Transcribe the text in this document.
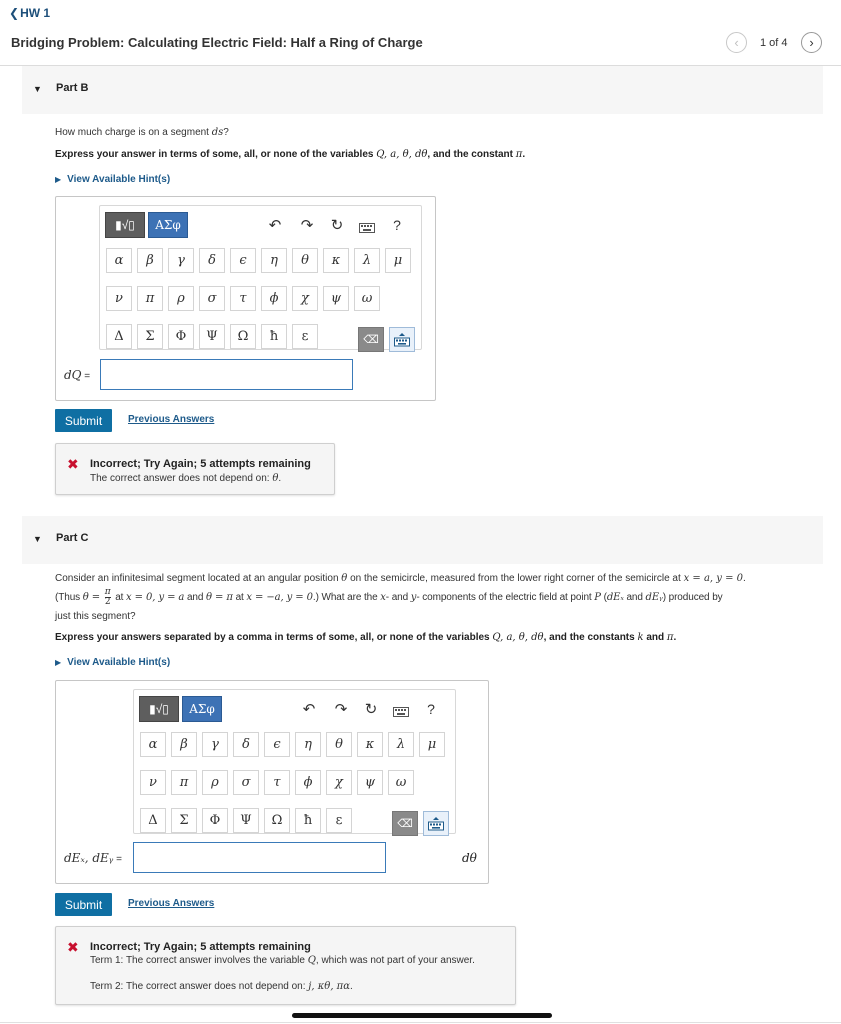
❮HW 1
Bridging Problem: Calculating Electric Field: Half a Ring of Charge	‹ 1 of 4 ›
▼ Part B
How much charge is on a segment ds?
Express your answer in terms of some, all, or none of the variables Q, a, θ, dθ, and the constant π.
▶ View Available Hint(s)
▮√▯	ΑΣφ	↶ ↷ ↻	?
α	β	γ	δ	ϵ	η	θ	κ	λ	μ
ν	π	ρ	σ	τ	ϕ	χ	ψ	ω
Δ	Σ	Φ	Ψ	Ω	ħ	ε	⌫
dQ =
Submit	Previous Answers
✖ Incorrect; Try Again; 5 attempts remaining
The correct answer does not depend on: θ.
▼ Part C
Consider an infinitesimal segment located at an angular position θ on the semicircle, measured from the lower right corner of the semicircle at x = a, y = 0.
(Thus $\theta = \frac{\pi}{2}$ at x = 0, y = a and θ = π at x = −a, y = 0.) What are the x- and y- components of the electric field at point P (dEₓ and dEᵧ) produced by
just this segment?
Express your answers separated by a comma in terms of some, all, or none of the variables Q, a, θ, dθ, and the constants k and π.
▶ View Available Hint(s)
▮√▯	ΑΣφ	↶ ↷ ↻	?
α	β	γ	δ	ϵ	η	θ	κ	λ	μ
ν	π	ρ	σ	τ	ϕ	χ	ψ	ω
Δ	Σ	Φ	Ψ	Ω	ħ	ε	⌫
dEₓ, dEᵧ =	dθ
Submit	Previous Answers
✖ Incorrect; Try Again; 5 attempts remaining
Term 1: The correct answer involves the variable Q, which was not part of your answer.
Term 2: The correct answer does not depend on: j, κθ, πα.
